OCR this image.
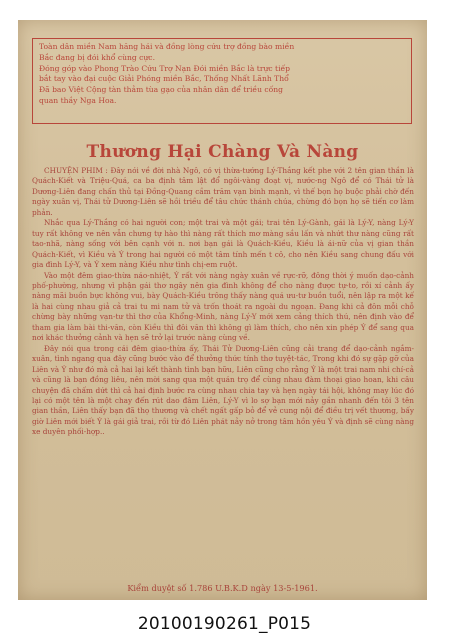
Toàn dân miền Nam hăng hái và đồng lòng cứu trợ đồng bào miền
Bắc đang bị đói khổ cùng cực.
Đóng góp vào Phong Trào Cứu Trợ Nạn Đói miền Bắc là trực tiếp
bắt tay vào đại cuộc Giải Phóng miền Bắc, Thống Nhất Lãnh Thổ
Đã bao Việt Cộng tàn thảm tùa gạo của nhân dân để triều cống
quan thầy Nga Hoa.
Thương Hại Chàng Và Nàng

CHUYỆN PHIM : Đây nói về đời nhà Ngô, có vị thừa-tướng Lý-Thắng kết phe với 2 tên gian thần là Quách-Kiết và Triệu-Quá, ca ba định tâm lật đổ ngôi-vàng đoạt vị, nước-ng Ngô để có Thái tử là Dương-Liên đang chấn thủ tại Đồng-Quang cầm trăm vạn binh mạnh, vì thế bọn họ buộc phải chờ đến ngày xuân vị, Thái tử Dương-Liên sẽ hồi triều để tâu chức thánh chúa, chừng đó bọn họ sẽ tiến cơ làm phản.

Nhắc qua Lý-Thắng có hai người con; một trai và một gái; trai tên Lý-Gành, gái là Lý-Y, nàng Lý-Y tuy rất không ve nên vẫn chưng tự hào thì nàng rất thích mơ màng sầu lấn và nhứt thư nàng cũng rất tao-nhã, nàng sống với bên cạnh với n. nơi bạn gái là Quách-Kiều, Kiều là ái-nữ của vị gian thần Quách-Kiết, vì Kiều và Ý trong hai người có một tâm tính mến t cô, cho nên Kiều sang chung đấu với gia đình Lý-Y, và Ý xem nàng Kiều như tình chị-em ruột.

Vào một đêm giao-thừa náo-nhiệt, Ý rất với nàng ngày xuân về rực-rỡ, đông thời ý muốn dạo-cảnh phố-phường, nhưng vì phận gái thơ ngây nên gia đình không để cho nàng được tự-to, rồi xí cảnh ấy nàng mãi buồn bực không vui, bày Quách-Kiều trông thấy nàng quá ưu-tư buồn tuổi, nên lập ra một kế là hai cùng nhau giả cả trai tu mi nam tử và trốn thoát ra ngoài du ngoạn. Đang khi cả đôn mỗi chỗ chừng bày những vạn-tư thì thơ của Khổng-Minh, nàng Lý-Y mới xem cảng thích thú, nên định vào để tham gia làm bài thi-văn, còn Kiều thì đôi văn thì không gì làm thích, cho nên xin phép Ý để sang qua nơi khác thưởng cảnh và hẹn sẽ trở lại trước nàng cùng về.

Đây nói qua trong cái đêm giao-thừa ấy, Thái Tử Dương-Liên cũng cải trang để dạo-cảnh ngắm-xuân, tình ngang qua đây cũng bước vào để thưởng thức tính thơ tuyệt-tác, Trong khi đó sự gặp gỡ của Liên và Ý như đó mà cả hai lại kết thành tình bạn hữu, Liên cũng cho rằng Ý là một trai nam nhi chí-cả và cũng là bạn đồng liêu, nên mời sang qua một quán trọ để cùng nhau đàm thoại giao hoan, khi câu chuyện đã chấm dứt thì cả hai định bước ra cùng nhau chia tay và hẹn ngày tái hội, không may lúc đó lại có một tên là một chay đến rút dao đâm Liên, Lý-Y vì lo sợ bạn mới nảy gần nhanh đến tôi 3 tên gian thần, Liên thấy bạn đã thọ thương và chết ngất gấp bỏ để vẻ cung nội để điều trị vết thương, bấy giờ Liên mới biết Ý là gái giả trai, rồi từ đó Liên phát nảy nở trong tâm hồn yêu Ý và định sẽ cùng nàng xe duyên phối-hợp..

Kiểm duyệt số 1.786 U.B.K.D ngày 13-5-1961.
20100190261_P015
